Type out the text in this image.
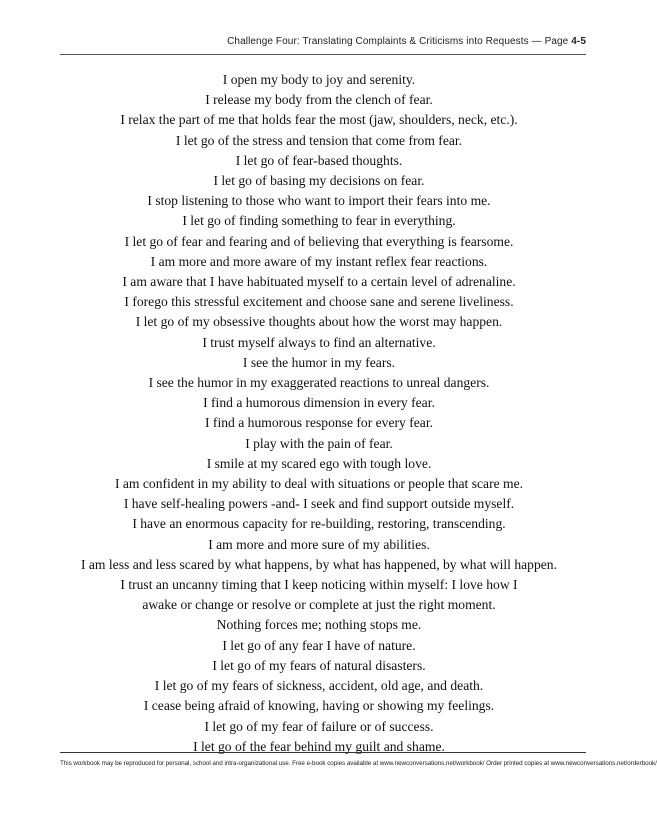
Challenge Four: Translating Complaints & Criticisms into Requests — Page 4-5
I open my body to joy and serenity.
I release my body from the clench of fear.
I relax the part of me that holds fear the most (jaw, shoulders, neck, etc.).
I let go of the stress and tension that come from fear.
I let go of fear-based thoughts.
I let go of basing my decisions on fear.
I stop listening to those who want to import their fears into me.
I let go of finding something to fear in everything.
I let go of fear and fearing and of believing that everything is fearsome.
I am more and more aware of my instant reflex fear reactions.
I am aware that I have habituated myself to a certain level of adrenaline.
I forego this stressful excitement and choose sane and serene liveliness.
I let go of my obsessive thoughts about how the worst may happen.
I trust myself always to find an alternative.
I see the humor in my fears.
I see the humor in my exaggerated reactions to unreal dangers.
I find a humorous dimension in every fear.
I find a humorous response for every fear.
I play with the pain of fear.
I smile at my scared ego with tough love.
I am confident in my ability to deal with situations or people that scare me.
I have self-healing powers -and- I seek and find support outside myself.
I have an enormous capacity for re-building, restoring, transcending.
I am more and more sure of my abilities.
I am less and less scared by what happens, by what has happened, by what will happen.
I trust an uncanny timing that I keep noticing within myself: I love how I
awake or change or resolve or complete at just the right moment.
Nothing forces me; nothing stops me.
I let go of any fear I have of nature.
I let go of my fears of natural disasters.
I let go of my fears of sickness, accident, old age, and death.
I cease being afraid of knowing, having or showing my feelings.
I let go of my fear of failure or of success.
I let go of the fear behind my guilt and shame.
This workbook may be reproduced for personal, school and intra-organizational use. Free e-book copies available at www.newconversations.net/workbook/ Order printed copies at www.newconversations.net/orderbook/
